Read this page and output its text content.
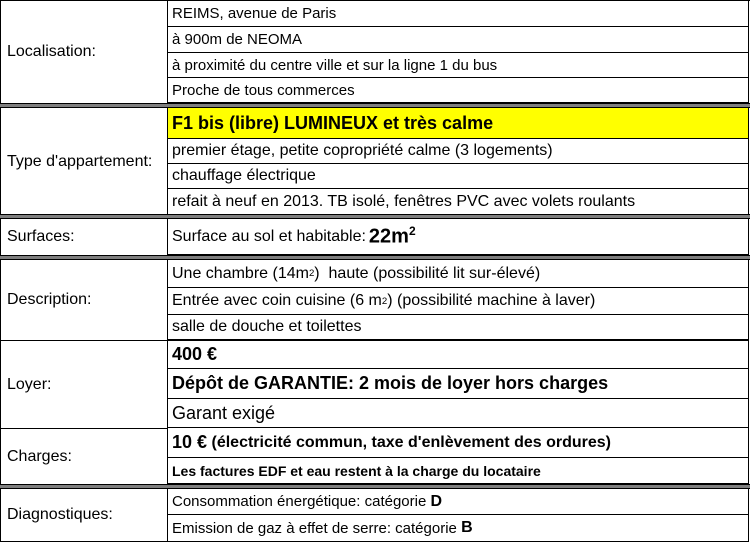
Localisation:
REIMS, avenue de Paris
à 900m de NEOMA
à proximité du centre ville et sur la ligne 1 du bus
Proche de tous commerces
Type d'appartement:
F1 bis (libre) LUMINEUX et très calme
premier étage, petite copropriété calme (3 logements)
chauffage électrique
refait à neuf en 2013. TB isolé, fenêtres PVC avec volets roulants
Surfaces:	Surface au sol et habitable: $22m^2$
Description:
Une chambre (14m 2 )  haute (possibilité lit sur-élevé)
Entrée avec coin cuisine (6 m 2 ) (possibilité machine à laver)
salle de douche et toilettes
Loyer:
400 €
Dépôt de GARANTIE: 2 mois de loyer hors charges
Garant exigé
Charges:
10 €
(électricité commun, taxe d'enlèvement des ordures)
Les factures EDF et eau restent à la charge du locataire
Diagnostiques:
Consommation énergétique: catégorie
D
Emission de gaz à effet de serre: catégorie
B
